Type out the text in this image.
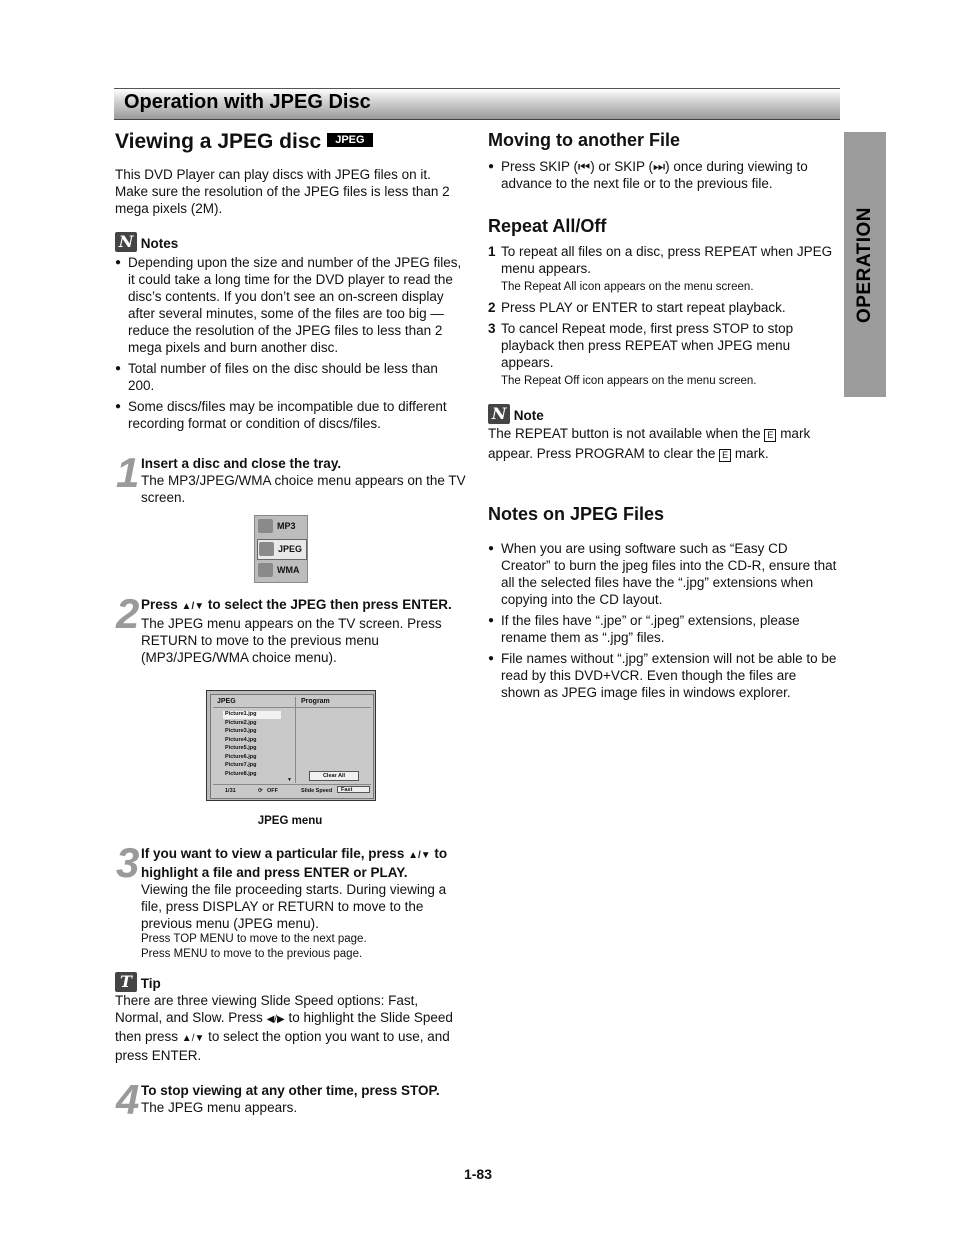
Operation with JPEG Disc
OPERATION
Viewing a JPEG disc JPEG
This DVD Player can play discs with JPEG files on it. Make sure the resolution of the JPEG files is less than 2 mega pixels (2M).
N Notes
● Depending upon the size and number of the JPEG files, it could take a long time for the DVD player to read the disc’s contents. If you don’t see an on-screen display after several minutes, some of the files are too big — reduce the resolution of the JPEG files to less than 2 mega pixels and burn another disc.
● Total number of files on the disc should be less than 200.
● Some discs/files may be incompatible due to different recording format or condition of discs/files.
1 Insert a disc and close the tray.
The MP3/JPEG/WMA choice menu appears on the TV screen.
MP3
JPEG
WMA
2 Press ▲/▼ to select the JPEG then press ENTER.
The JPEG menu appears on the TV screen. Press RETURN to move to the previous menu (MP3/JPEG/WMA choice menu).
JPEG	Program
Picture1.jpg
Picture2.jpg
Picture3.jpg
Picture4.jpg
Picture5.jpg
Picture6.jpg
Picture7.jpg
Picture8.jpg
▼
Clear All
1/31	⟳ OFF	Slide Speed	Fast
JPEG menu
3 If you want to view a particular file, press ▲/▼ to highlight a file and press ENTER or PLAY.
Viewing the file proceeding starts. During viewing a file, press DISPLAY or RETURN to move to the previous menu (JPEG menu).
Press TOP MENU to move to the next page.
Press MENU to move to the previous page.
T Tip
There are three viewing Slide Speed options: Fast, Normal, and Slow. Press ◀/▶ to highlight the Slide Speed then press ▲/▼ to select the option you want to use, and press ENTER.
4 To stop viewing at any other time, press STOP.
The JPEG menu appears.
Moving to another File
● Press SKIP (⏮) or SKIP (⏭) once during viewing to advance to the next file or to the previous file.
Repeat All/Off
1 To repeat all files on a disc, press REPEAT when JPEG menu appears.
The Repeat All icon appears on the menu screen.
2 Press PLAY or ENTER to start repeat playback.
3 To cancel Repeat mode, first press STOP to stop playback then press REPEAT when JPEG menu appears.
The Repeat Off icon appears on the menu screen.
N Note
The REPEAT button is not available when the E mark appear. Press PROGRAM to clear the E mark.
Notes on JPEG Files
● When you are using software such as “Easy CD Creator” to burn the jpeg files into the CD-R, ensure that all the selected files have the “.jpg” extensions when copying into the CD layout.
● If the files have “.jpe” or “.jpeg” extensions, please rename them as “.jpg” files.
● File names without “.jpg” extension will not be able to be read by this DVD+VCR. Even though the files are shown as JPEG image files in windows explorer.
1-83
